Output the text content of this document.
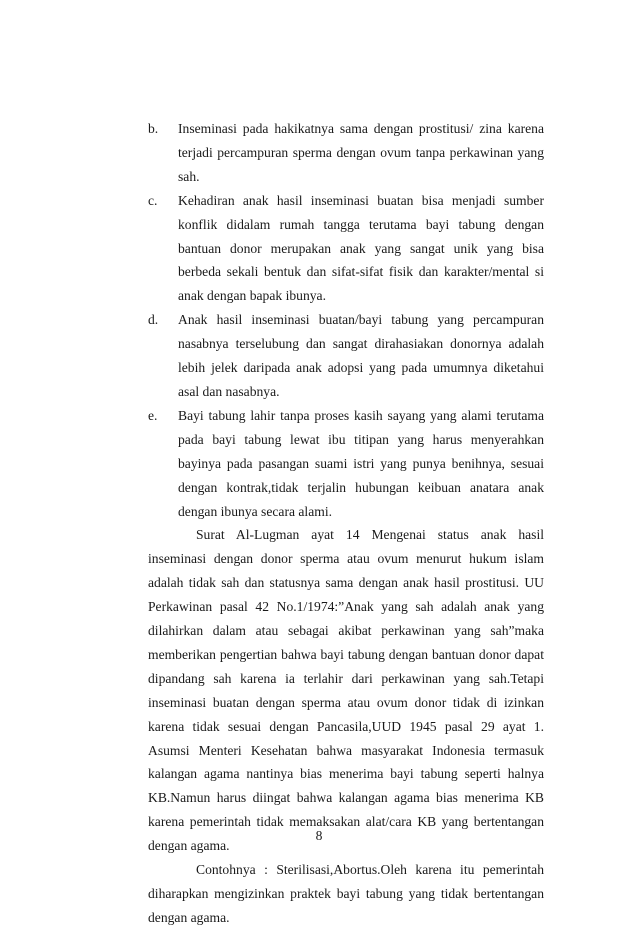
b. Inseminasi pada hakikatnya sama dengan prostitusi/ zina karena terjadi percampuran sperma dengan ovum tanpa perkawinan yang sah.
c. Kehadiran anak hasil inseminasi buatan bisa menjadi sumber konflik didalam rumah tangga terutama bayi tabung dengan bantuan donor merupakan anak yang sangat unik yang bisa berbeda sekali bentuk dan sifat-sifat fisik dan karakter/mental si anak dengan bapak ibunya.
d. Anak hasil inseminasi buatan/bayi tabung yang percampuran nasabnya terselubung dan sangat dirahasiakan donornya adalah lebih jelek daripada anak adopsi yang pada umumnya diketahui asal dan nasabnya.
e. Bayi tabung lahir tanpa proses kasih sayang yang alami terutama pada bayi tabung lewat ibu titipan yang harus menyerahkan bayinya pada pasangan suami istri yang punya benihnya, sesuai dengan kontrak,tidak terjalin hubungan keibuan anatara anak dengan ibunya secara alami.
Surat Al-Lugman ayat 14 Mengenai status anak hasil inseminasi dengan donor sperma atau ovum menurut hukum islam adalah tidak sah dan statusnya sama dengan anak hasil prostitusi. UU Perkawinan pasal 42 No.1/1974:”Anak yang sah adalah anak yang dilahirkan dalam atau sebagai akibat perkawinan yang sah”maka memberikan pengertian bahwa bayi tabung dengan bantuan donor dapat dipandang sah karena ia terlahir dari perkawinan yang sah.Tetapi inseminasi buatan dengan sperma atau ovum donor tidak di izinkan karena tidak sesuai dengan Pancasila,UUD 1945 pasal 29 ayat 1. Asumsi Menteri Kesehatan bahwa masyarakat Indonesia termasuk kalangan agama nantinya bias menerima bayi tabung seperti halnya KB.Namun harus diingat bahwa kalangan agama bias menerima KB karena pemerintah tidak memaksakan alat/cara KB yang bertentangan dengan agama.
Contohnya : Sterilisasi,Abortus.Oleh karena itu pemerintah diharapkan mengizinkan praktek bayi tabung yang tidak bertentangan dengan agama.
8
